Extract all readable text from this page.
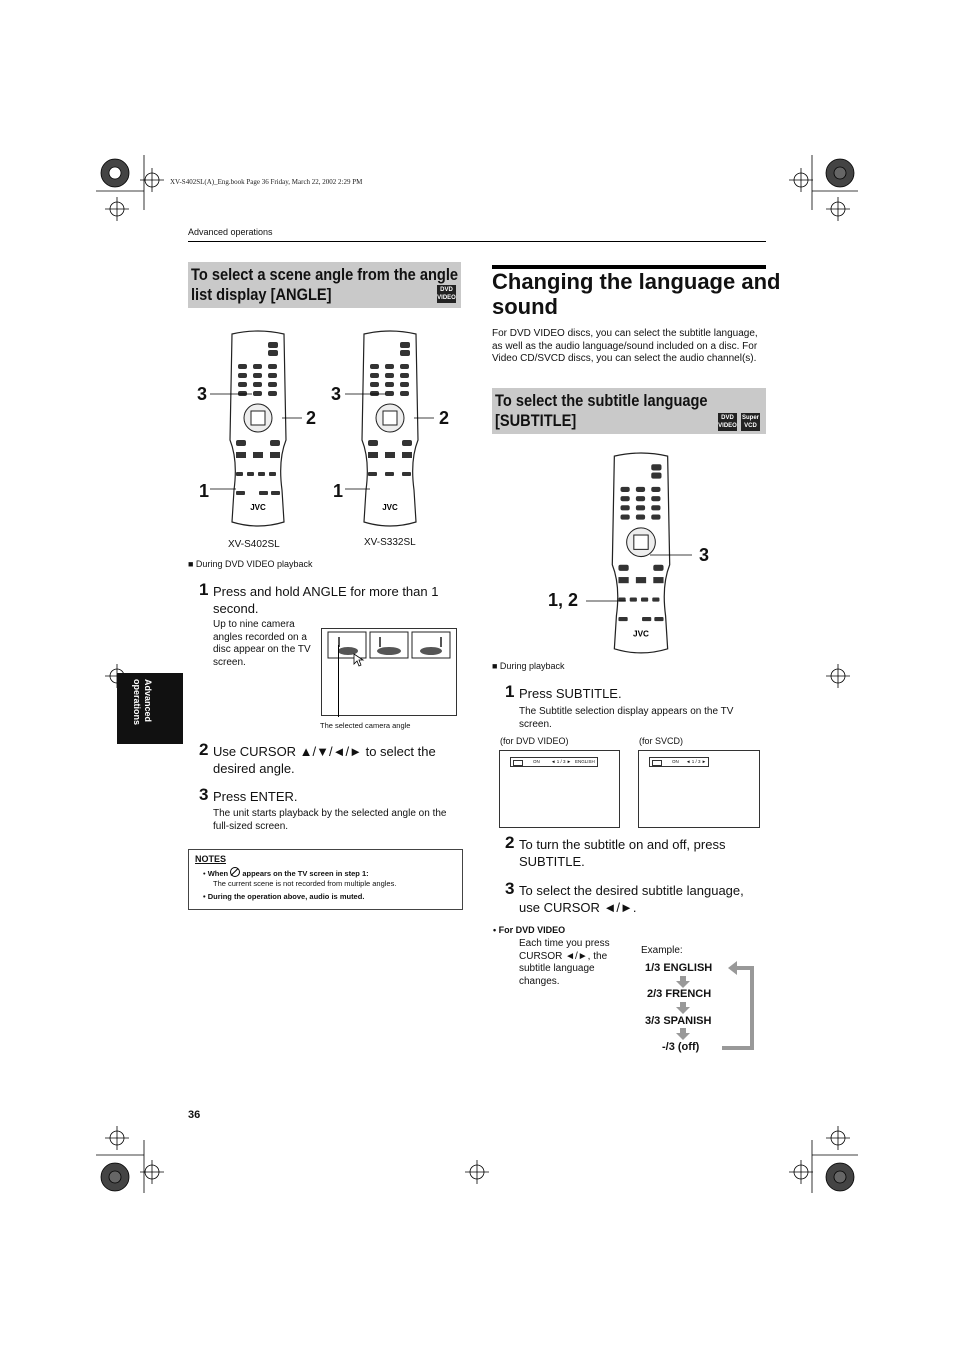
XV-S402SL(A)_Eng.book Page 36 Friday, March 22, 2002 2:29 PM
Advanced operations
Advanced operations
To select a scene angle from the angle
list display [ANGLE]	DVD
VIDEO
JVC	JVC
3	3
2	2
1	1
XV-S402SL	XV-S332SL
■ During DVD VIDEO playback
1 Press and hold ANGLE for more than 1 second.
Up to nine camera angles recorded on a disc appear on the TV screen.
The selected camera angle
2 Use CURSOR ▲/▼/◄/► to select the desired angle.
3 Press ENTER.
The unit starts playback by the selected angle on the full-sized screen.
NOTES
• When appears on the TV screen in step 1:
The current scene is not recorded from multiple angles.
• During the operation above, audio is muted.
Changing the language and
sound
For DVD VIDEO discs, you can select the subtitle language, as well as the audio language/sound included on a disc. For Video CD/SVCD discs, you can select the audio channel(s).
To select the subtitle language
[SUBTITLE]	DVD
VIDEO
Super
VCD
JVC
3
1, 2
■ During playback
1 Press SUBTITLE.
The Subtitle selection display appears on the TV screen.
(for DVD VIDEO)	(for SVCD)
ON	◄ 1 / 3 ► ENGLISH	ON ◄ 1 / 3 ►
2 To turn the subtitle on and off, press SUBTITLE.
3 To select the desired subtitle language, use CURSOR ◄/►.
• For DVD VIDEO
Each time you press CURSOR ◄/►, the subtitle language changes.
Example:
1/3 ENGLISH
2/3 FRENCH
3/3 SPANISH
-/3 (off)
36
